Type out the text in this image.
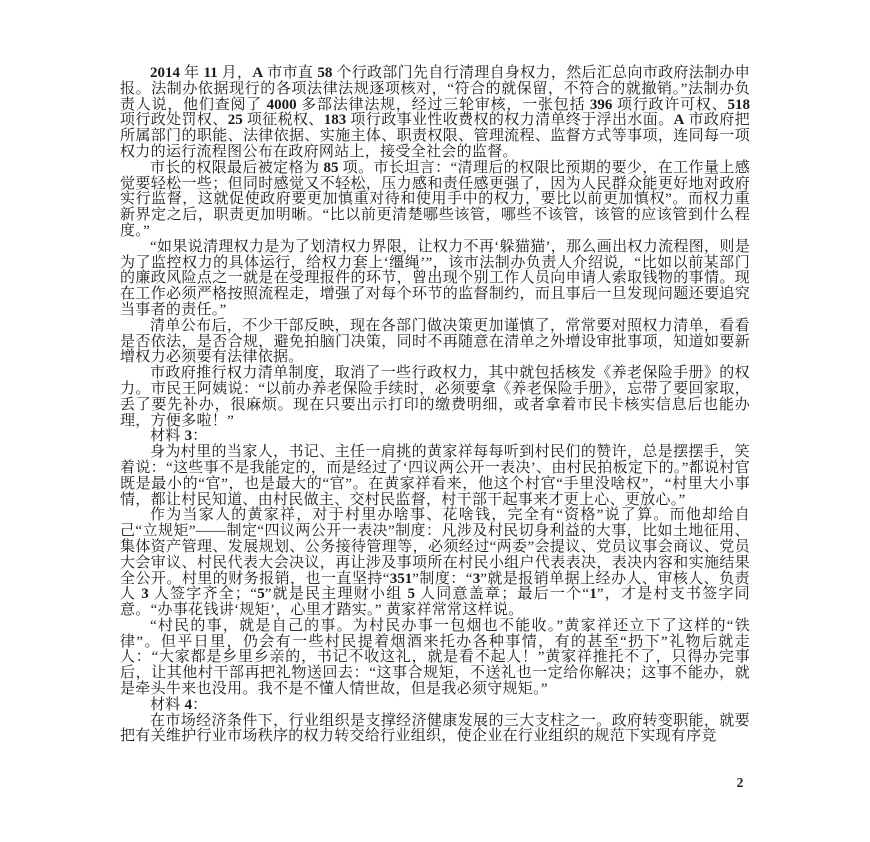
2014 年 11 月，A 市市直 58 个行政部门先自行清理自身权力，然后汇总向市政府法制办申报。法制办依据现行的各项法律法规逐项核对，“符合的就保留，不符合的就撤销。”法制办负责人说，他们查阅了 4000 多部法律法规，经过三轮审核，一张包括 396 项行政许可权、518 项行政处罚权、25 项征税权、183 项行政事业性收费权的权力清单终于浮出水面。A 市政府把所属部门的职能、法律依据、实施主体、职责权限、管理流程、监督方式等事项，连同每一项权力的运行流程图公布在政府网站上，接受全社会的监督。

市长的权限最后被定格为 85 项。市长坦言：“清理后的权限比预期的要少，在工作量上感觉要轻松一些；但同时感觉又不轻松，压力感和责任感更强了，因为人民群众能更好地对政府实行监督，这就促使政府要更加慎重对待和使用手中的权力，要比以前更加慎权”。而权力重新界定之后，职责更加明晰。“比以前更清楚哪些该管，哪些不该管，该管的应该管到什么程度。”

“如果说清理权力是为了划清权力界限，让权力不再‘躲猫猫’，那么画出权力流程图，则是为了监控权力的具体运行，给权力套上‘缰绳’”，该市法制办负责人介绍说，“比如以前某部门的廉政风险点之一就是在受理报件的环节，曾出现个别工作人员向申请人索取钱物的事情。现在工作必须严格按照流程走，增强了对每个环节的监督制约，而且事后一旦发现问题还要追究当事者的责任。”

清单公布后，不少干部反映，现在各部门做决策更加谨慎了，常常要对照权力清单，看看是否依法，是否合规，避免拍脑门决策，同时不再随意在清单之外增设审批事项，知道如要新增权力必须要有法律依据。

市政府推行权力清单制度，取消了一些行政权力，其中就包括核发《养老保险手册》的权力。市民王阿姨说：“以前办养老保险手续时，必须要拿《养老保险手册》，忘带了要回家取，丢了要先补办，很麻烦。现在只要出示打印的缴费明细，或者拿着市民卡核实信息后也能办理，方便多啦！”

材料 3：

身为村里的当家人，书记、主任一肩挑的黄家祥每每听到村民们的赞许，总是摆摆手，笑着说：“这些事不是我能定的，而是经过了‘四议两公开一表决’、由村民拍板定下的。”都说村官既是最小的“官”，也是最大的“官”。在黄家祥看来，他这个村官“手里没啥权”，“村里大小事情，都让村民知道、由村民做主、交村民监督，村干部干起事来才更上心、更放心。”

作为当家人的黄家祥，对于村里办啥事、花啥钱，完全有“资格”说了算。而他却给自己“立规矩”——制定“四议两公开一表决”制度：凡涉及村民切身利益的大事，比如土地征用、集体资产管理、发展规划、公务接待管理等，必须经过“两委”会提议、党员议事会商议、党员大会审议、村民代表大会决议，再让涉及事项所在村民小组户代表表决，表决内容和实施结果全公开。村里的财务报销，也一直坚持“351”制度：“3”就是报销单据上经办人、审核人、负责人 3 人签字齐全；“5”就是民主理财小组 5 人同意盖章；最后一个“1”，才是村支书签字同意。“办事花钱讲‘规矩’，心里才踏实。” 黄家祥常常这样说。

“村民的事，就是自己的事。为村民办事一包烟也不能收。”黄家祥还立下了这样的“铁律”。但平日里，仍会有一些村民提着烟酒来托办各种事情，有的甚至“扔下”礼物后就走人：“大家都是乡里乡亲的，书记不收这礼，就是看不起人！”黄家祥推托不了，只得办完事后，让其他村干部再把礼物送回去：“这事合规矩，不送礼也一定给你解决；这事不能办，就是牵头牛来也没用。我不是不懂人情世故，但是我必须守规矩。”

材料 4：

在市场经济条件下，行业组织是支撑经济健康发展的三大支柱之一。政府转变职能，就要把有关维护行业市场秩序的权力转交给行业组织，使企业在行业组织的规范下实现有序竞

2
